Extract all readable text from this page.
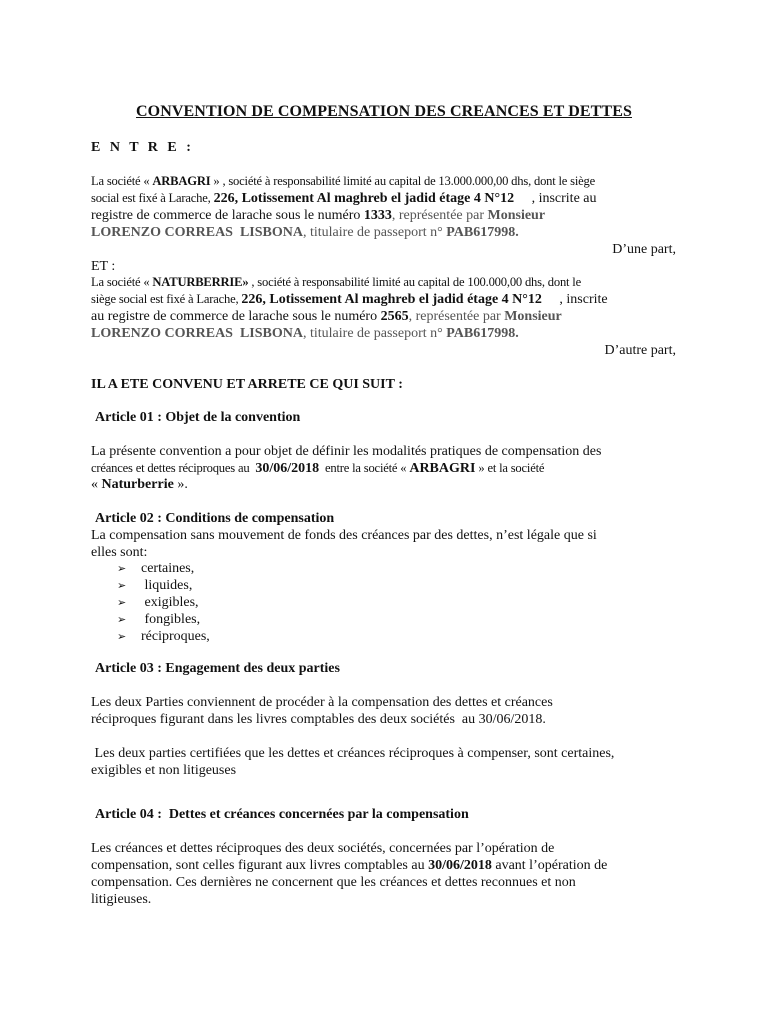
CONVENTION DE COMPENSATION DES CREANCES ET DETTES
E N T R E :
La société « ARBAGRI » , société à responsabilité limité au capital de 13.000.000,00 dhs, dont le siège
social est fixé à Larache, 226, Lotissement Al maghreb el jadid étage 4 N°12     , inscrite au
registre de commerce de larache sous le numéro 1333, représentée par Monsieur
LORENZO CORREAS  LISBONA, titulaire de passeport n° PAB617998.
D’une part,
ET :
La société « NATURBERRIE» , société à responsabilité limité au capital de 100.000,00 dhs, dont le
siège social est fixé à Larache, 226, Lotissement Al maghreb el jadid étage 4 N°12     , inscrite
au registre de commerce de larache sous le numéro 2565, représentée par Monsieur
LORENZO CORREAS  LISBONA, titulaire de passeport n° PAB617998.
D’autre part,
IL A ETE CONVENU ET ARRETE CE QUI SUIT :
Article 01 : Objet de la convention
La présente convention a pour objet de définir les modalités pratiques de compensation des
créances et dettes réciproques au  30/06/2018  entre la société « ARBAGRI » et la société
« Naturberrie ».
Article 02 : Conditions de compensation
La compensation sans mouvement de fonds des créances par des dettes, n’est légale que si
elles sont:
➢ certaines,
➢ liquides,
➢ exigibles,
➢ fongibles,
➢ réciproques,
Article 03 : Engagement des deux parties
Les deux Parties conviennent de procéder à la compensation des dettes et créances
réciproques figurant dans les livres comptables des deux sociétés  au 30/06/2018.
Les deux parties certifiées que les dettes et créances réciproques à compenser, sont certaines,
exigibles et non litigeuses
Article 04 :  Dettes et créances concernées par la compensation
Les créances et dettes réciproques des deux sociétés, concernées par l’opération de
compensation, sont celles figurant aux livres comptables au 30/06/2018 avant l’opération de
compensation. Ces dernières ne concernent que les créances et dettes reconnues et non
litigieuses.
